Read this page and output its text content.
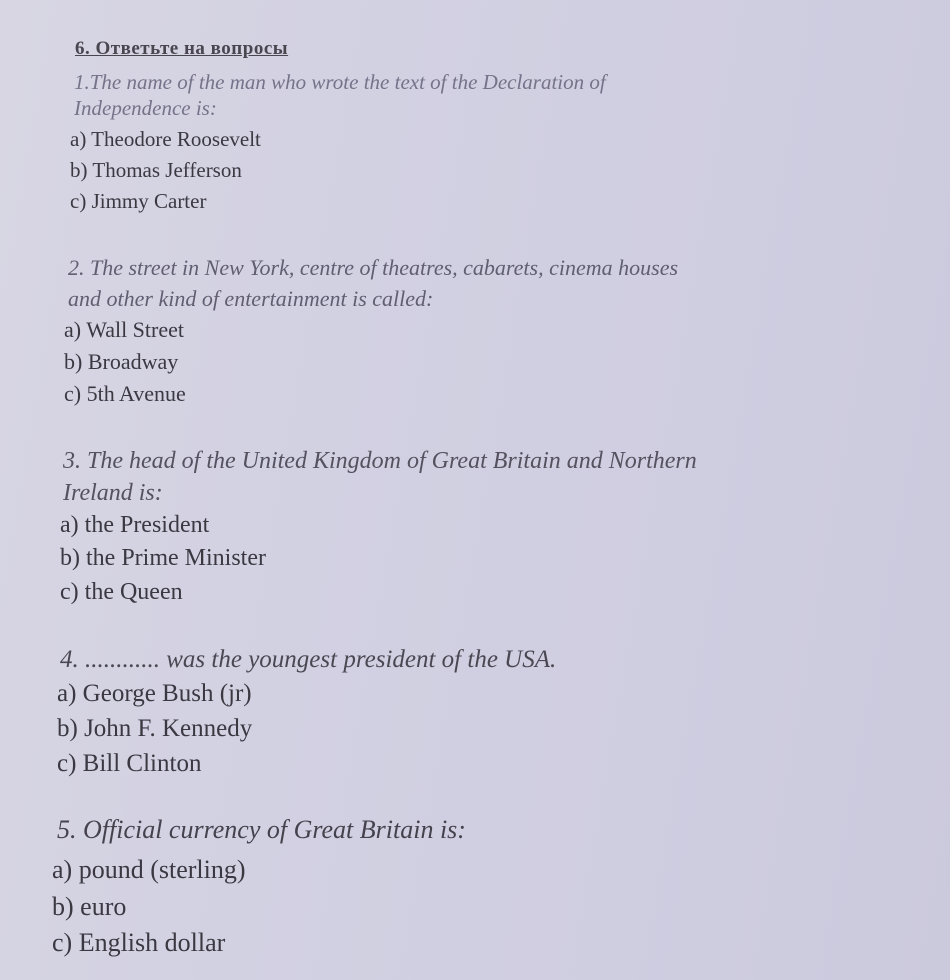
6. Ответьте на вопросы
1.The name of the man who wrote the text of the Declaration of
Independence is:
a) Theodore Roosevelt
b) Thomas Jefferson
c) Jimmy Carter
2. The street in New York, centre of theatres, cabarets, cinema houses
and other kind of entertainment is called:
a) Wall Street
b) Broadway
c) 5th Avenue
3. The head of the United Kingdom of Great Britain and Northern
Ireland is:
a) the President
b) the Prime Minister
c) the Queen
4. ............ was the youngest president of the USA.
a) George Bush (jr)
b) John F. Kennedy
c) Bill Clinton
5. Official currency of Great Britain is:
a) pound (sterling)
b) euro
c) English dollar
